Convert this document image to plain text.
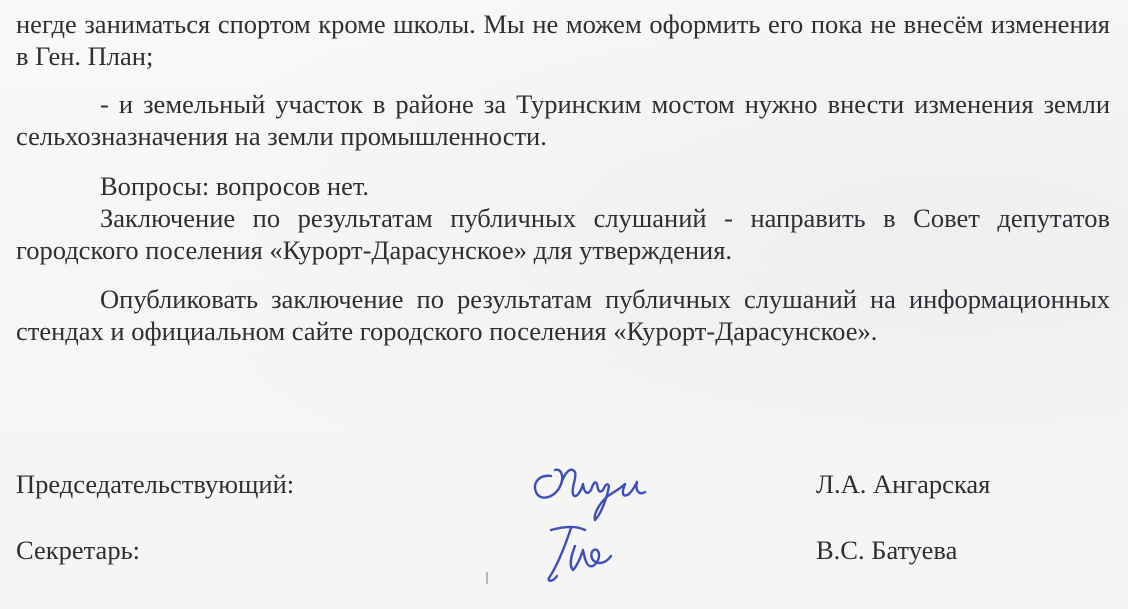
негде заниматься спортом кроме школы. Мы не можем оформить его пока не внесём изменения в Ген. План;

- и земельный участок в районе за Туринским мостом нужно внести изменения земли сельхозназначения на земли промышленности.

Вопросы: вопросов нет.

Заключение по результатам публичных слушаний - направить в Совет депутатов городского поселения «Курорт-Дарасунское» для утверждения.

Опубликовать заключение по результатам публичных слушаний на информационных стендах и официальном сайте городского поселения «Курорт-Дарасунское».

Председательствующий:	Л.А. Ангарская
Секретарь:	В.С. Батуева
